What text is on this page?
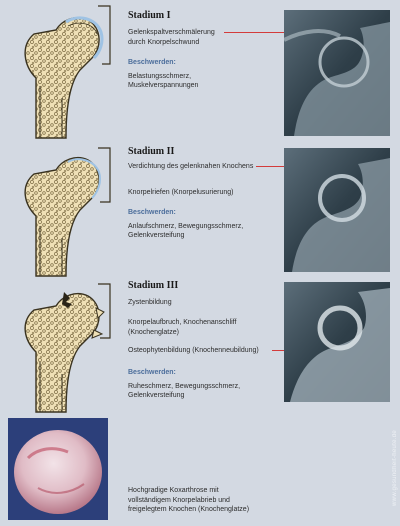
Stadium I
Gelenkspaltverschmälerung
durch Knorpelschwund
Beschwerden:
Belastungsschmerz,
Muskelverspannungen
Stadium II
Verdichtung des gelenknahen Knochens
Knorpelriefen (Knorpelusurierung)
Beschwerden:
Anlaufschmerz, Bewegungsschmerz,
Gelenkversteifung
Stadium III
Zystenbildung
Knorpelaufbruch, Knochenanschliff
(Knochenglatze)
Osteophytenbildung (Knochenneubildung)
Beschwerden:
Ruheschmerz, Bewegungsschmerz,
Gelenkversteifung
Hochgradige Koxarthrose mit
vollständigem Knorpelabrieb und
freigelegtem Knochen (Knochenglatze)
www.gesundheit-heute.de
